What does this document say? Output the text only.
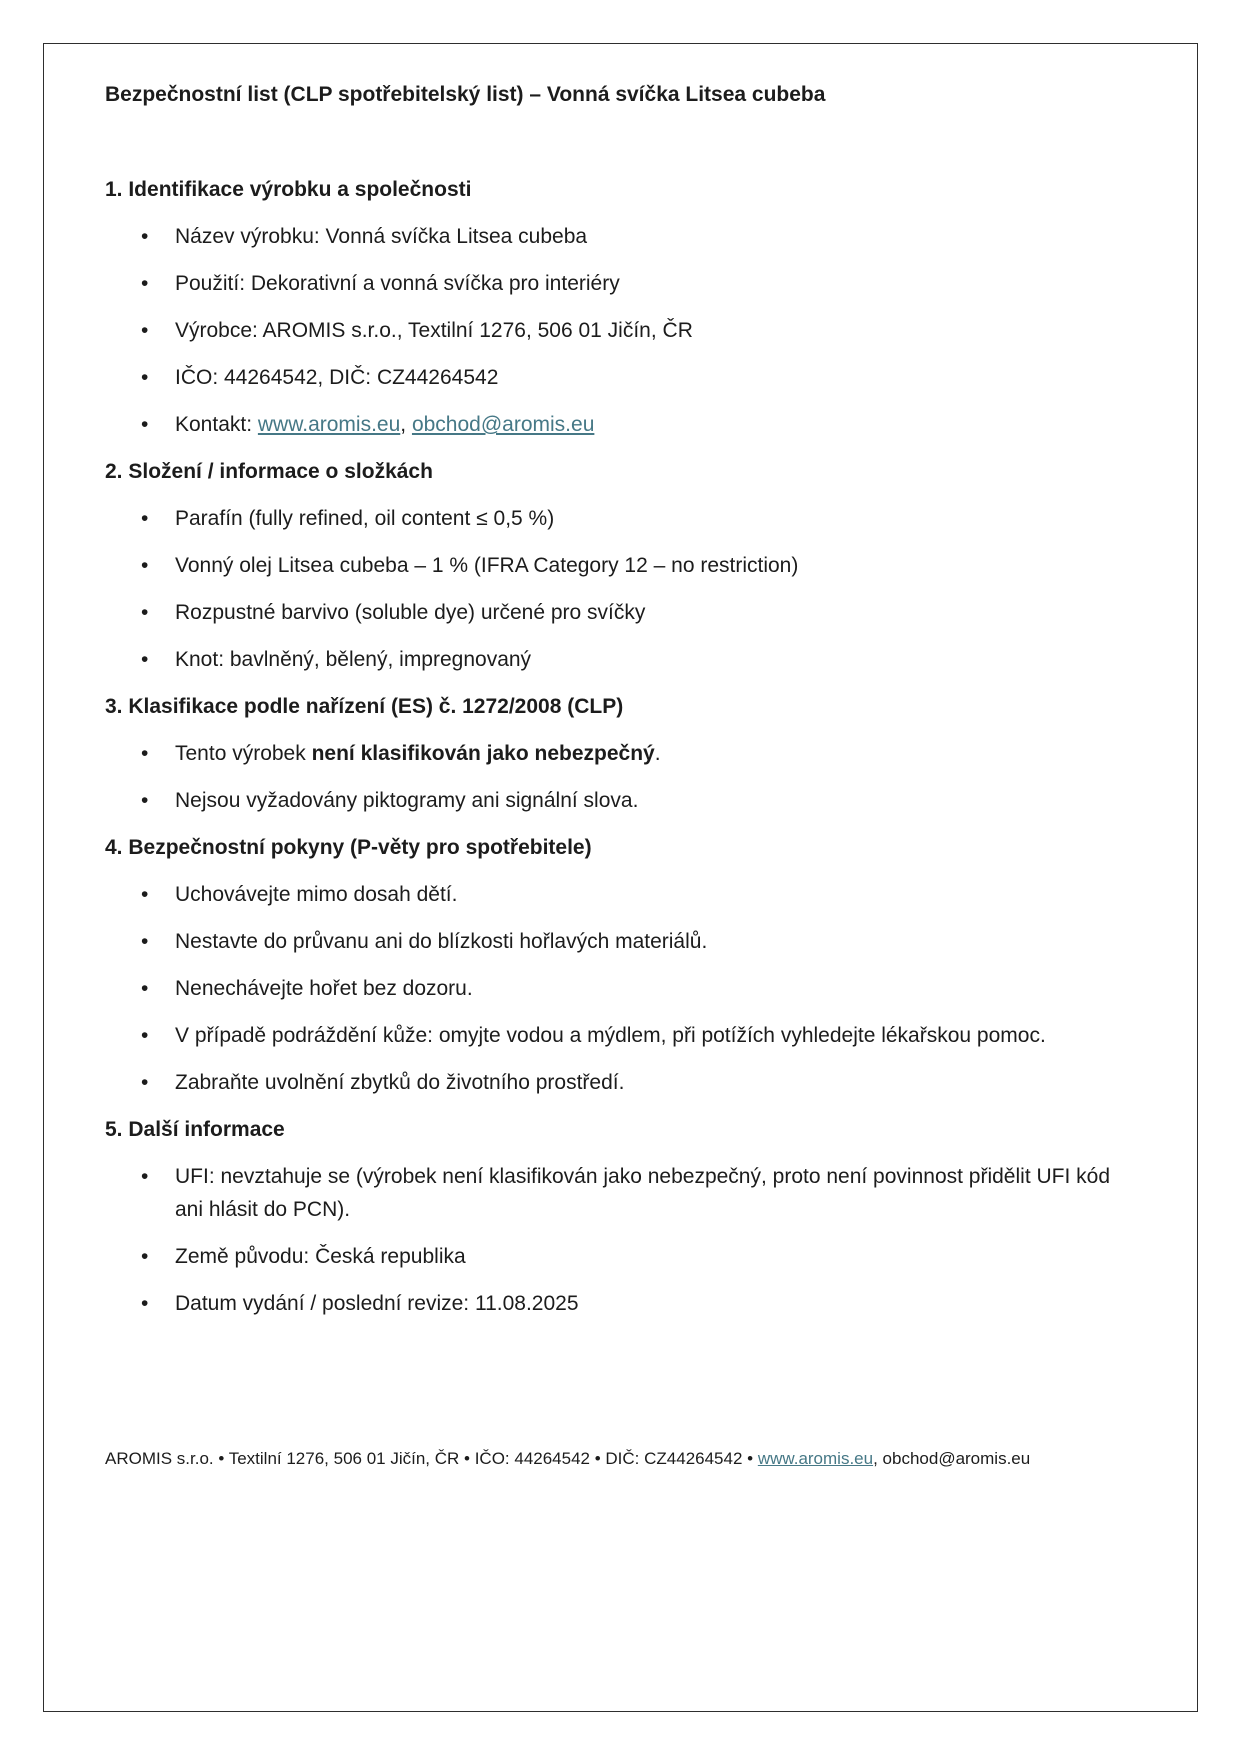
Bezpečnostní list (CLP spotřebitelský list) – Vonná svíčka Litsea cubeba
1. Identifikace výrobku a společnosti
• Název výrobku: Vonná svíčka Litsea cubeba
• Použití: Dekorativní a vonná svíčka pro interiéry
• Výrobce: AROMIS s.r.o., Textilní 1276, 506 01 Jičín, ČR
• IČO: 44264542, DIČ: CZ44264542
• Kontakt: www.aromis.eu, obchod@aromis.eu
2. Složení / informace o složkách
• Parafín (fully refined, oil content ≤ 0,5 %)
• Vonný olej Litsea cubeba – 1 % (IFRA Category 12 – no restriction)
• Rozpustné barvivo (soluble dye) určené pro svíčky
• Knot: bavlněný, bělený, impregnovaný
3. Klasifikace podle nařízení (ES) č. 1272/2008 (CLP)
• Tento výrobek není klasifikován jako nebezpečný.
• Nejsou vyžadovány piktogramy ani signální slova.
4. Bezpečnostní pokyny (P-věty pro spotřebitele)
• Uchovávejte mimo dosah dětí.
• Nestavte do průvanu ani do blízkosti hořlavých materiálů.
• Nenechávejte hořet bez dozoru.
• V případě podráždění kůže: omyjte vodou a mýdlem, při potížích vyhledejte lékařskou pomoc.
• Zabraňte uvolnění zbytků do životního prostředí.
5. Další informace
• UFI: nevztahuje se (výrobek není klasifikován jako nebezpečný, proto není povinnost přidělit UFI kód ani hlásit do PCN).
• Země původu: Česká republika
• Datum vydání / poslední revize: 11.08.2025
AROMIS s.r.o. • Textilní 1276, 506 01 Jičín, ČR • IČO: 44264542 • DIČ: CZ44264542 • www.aromis.eu, obchod@aromis.eu
